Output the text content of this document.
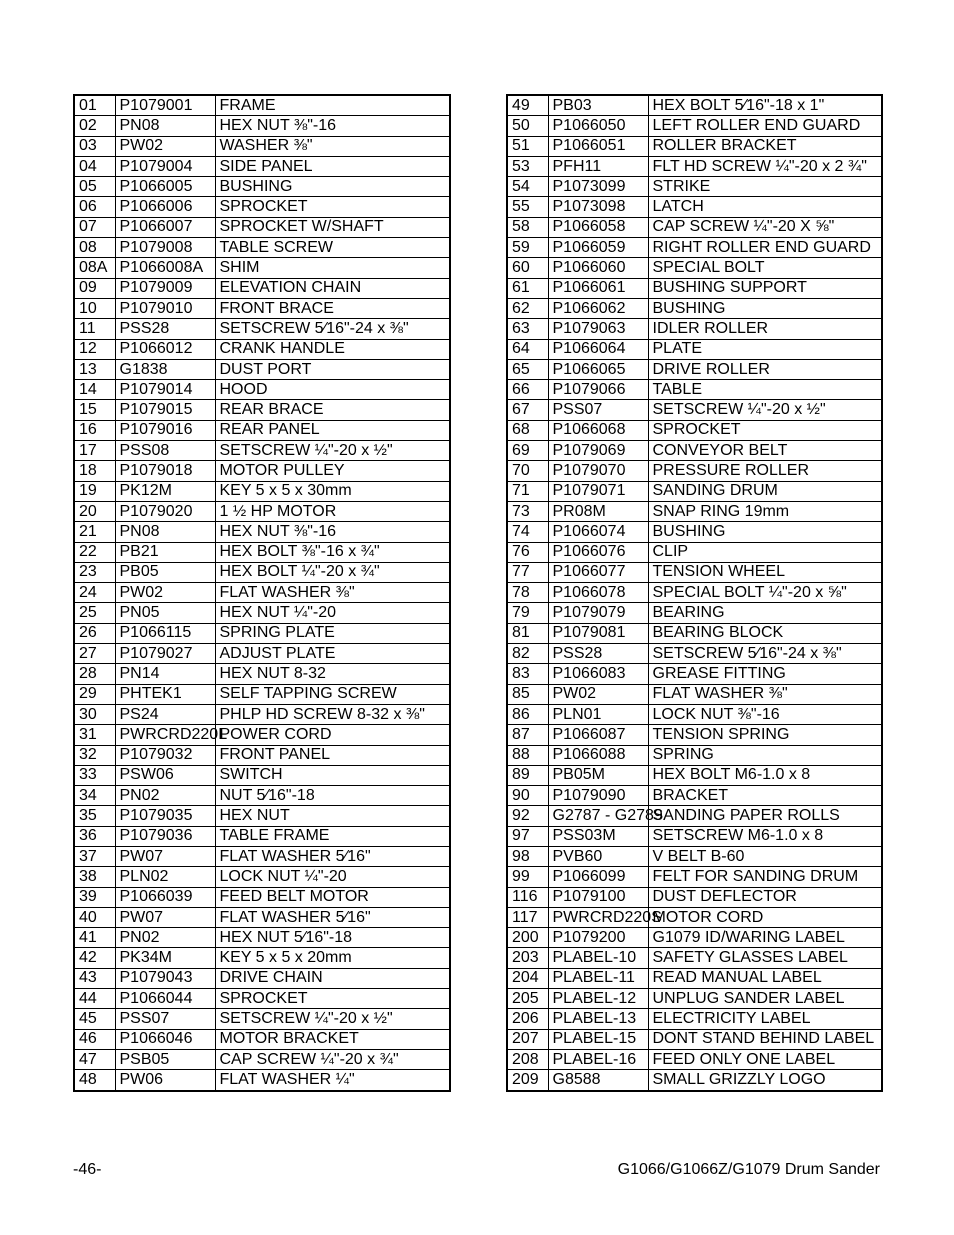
01	P1079001	FRAME
02	PN08	HEX NUT ⅜"-16
03	PW02	WASHER ⅜"
04	P1079004	SIDE PANEL
05	P1066005	BUSHING
06	P1066006	SPROCKET
07	P1066007	SPROCKET W/SHAFT
08	P1079008	TABLE SCREW
08A	P1066008A	SHIM
09	P1079009	ELEVATION CHAIN
10	P1079010	FRONT BRACE
11	PSS28	SETSCREW 5⁄16"-24 x ⅜"
12	P1066012	CRANK HANDLE
13	G1838	DUST PORT
14	P1079014	HOOD
15	P1079015	REAR BRACE
16	P1079016	REAR PANEL
17	PSS08	SETSCREW ¼"-20 x ½"
18	P1079018	MOTOR PULLEY
19	PK12M	KEY 5 x 5 x 30mm
20	P1079020	1 ½ HP MOTOR
21	PN08	HEX NUT ⅜"-16
22	PB21	HEX BOLT ⅜"-16 x ¾"
23	PB05	HEX BOLT ¼"-20 x ¾"
24	PW02	FLAT WASHER ⅜"
25	PN05	HEX NUT ¼"-20
26	P1066115	SPRING PLATE
27	P1079027	ADJUST PLATE
28	PN14	HEX NUT 8-32
29	PHTEK1	SELF TAPPING SCREW
30	PS24	PHLP HD SCREW 8-32 x ⅜"
31	PWRCRD220L	POWER CORD
32	P1079032	FRONT PANEL
33	PSW06	SWITCH
34	PN02	NUT 5⁄16"-18
35	P1079035	HEX NUT
36	P1079036	TABLE FRAME
37	PW07	FLAT WASHER 5⁄16"
38	PLN02	LOCK NUT ¼"-20
39	P1066039	FEED BELT MOTOR
40	PW07	FLAT WASHER 5⁄16"
41	PN02	HEX NUT 5⁄16"-18
42	PK34M	KEY 5 x 5 x 20mm
43	P1079043	DRIVE CHAIN
44	P1066044	SPROCKET
45	PSS07	SETSCREW ¼"-20 x ½"
46	P1066046	MOTOR BRACKET
47	PSB05	CAP SCREW ¼"-20 x ¾"
48	PW06	FLAT WASHER ¼"
49	PB03	HEX BOLT 5⁄16"-18 x 1"
50	P1066050	LEFT ROLLER END GUARD
51	P1066051	ROLLER BRACKET
53	PFH11	FLT HD SCREW ¼"-20 x 2 ¾"
54	P1073099	STRIKE
55	P1073098	LATCH
58	P1066058	CAP SCREW ¼"-20 X ⅝"
59	P1066059	RIGHT ROLLER END GUARD
60	P1066060	SPECIAL BOLT
61	P1066061	BUSHING SUPPORT
62	P1066062	BUSHING
63	P1079063	IDLER ROLLER
64	P1066064	PLATE
65	P1066065	DRIVE ROLLER
66	P1079066	TABLE
67	PSS07	SETSCREW ¼"-20 x ½"
68	P1066068	SPROCKET
69	P1079069	CONVEYOR BELT
70	P1079070	PRESSURE ROLLER
71	P1079071	SANDING DRUM
73	PR08M	SNAP RING 19mm
74	P1066074	BUSHING
76	P1066076	CLIP
77	P1066077	TENSION WHEEL
78	P1066078	SPECIAL BOLT ¼"-20 x ⅝"
79	P1079079	BEARING
81	P1079081	BEARING BLOCK
82	PSS28	SETSCREW 5⁄16"-24 x ⅜"
83	P1066083	GREASE FITTING
85	PW02	FLAT WASHER ⅜"
86	PLN01	LOCK NUT ⅜"-16
87	P1066087	TENSION SPRING
88	P1066088	SPRING
89	PB05M	HEX BOLT M6-1.0 x 8
90	P1079090	BRACKET
92	G2787 - G2789	SANDING PAPER ROLLS
97	PSS03M	SETSCREW M6-1.0 x 8
98	PVB60	V BELT B-60
99	P1066099	FELT FOR SANDING DRUM
116	P1079100	DUST DEFLECTOR
117	PWRCRD220S	MOTOR CORD
200	P1079200	G1079 ID/WARING LABEL
203	PLABEL-10	SAFETY GLASSES LABEL
204	PLABEL-11	READ MANUAL LABEL
205	PLABEL-12	UNPLUG SANDER LABEL
206	PLABEL-13	ELECTRICITY LABEL
207	PLABEL-15	DONT STAND BEHIND LABEL
208	PLABEL-16	FEED ONLY ONE LABEL
209	G8588	SMALL GRIZZLY LOGO
-46-	G1066/G1066Z/G1079 Drum Sander
